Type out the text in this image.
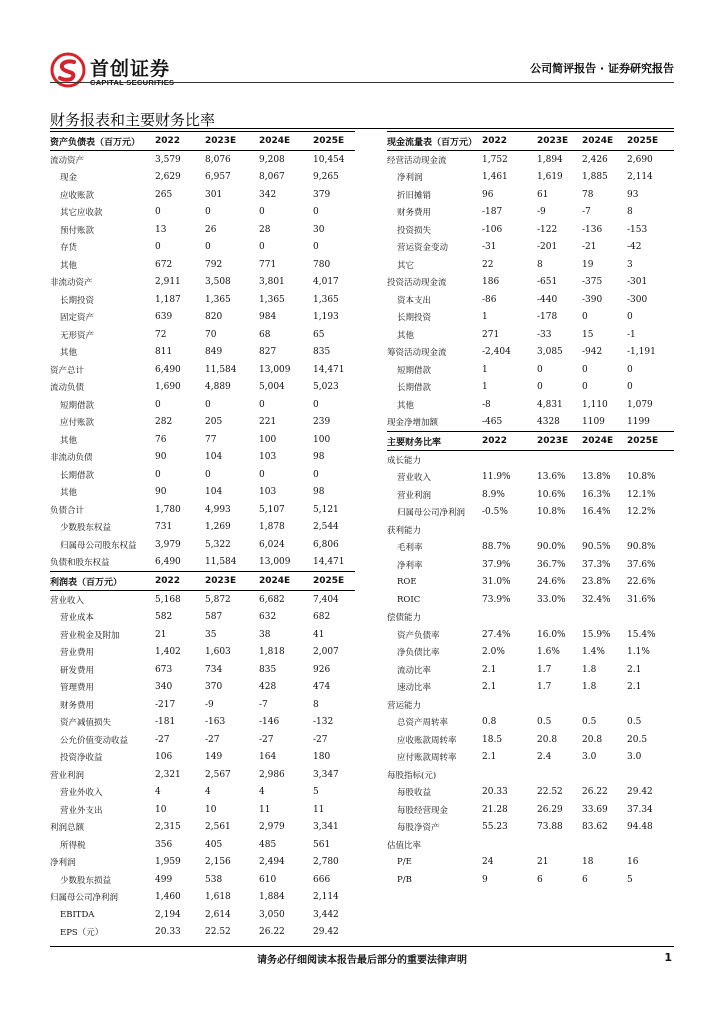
首创证券
CAPITAL SECURITIES
公司简评报告 · 证券研究报告
财务报表和主要财务比率
资产负债表（百万元）	2022	2023E	2024E	2025E
流动资产	3,579	8,076	9,208	10,454
现金	2,629	6,957	8,067	9,265
应收账款	265	301	342	379
其它应收款	0	0	0	0
预付账款	13	26	28	30
存货	0	0	0	0
其他	672	792	771	780
非流动资产	2,911	3,508	3,801	4,017
长期投资	1,187	1,365	1,365	1,365
固定资产	639	820	984	1,193
无形资产	72	70	68	65
其他	811	849	827	835
资产总计	6,490	11,584	13,009	14,471
流动负债	1,690	4,889	5,004	5,023
短期借款	0	0	0	0
应付账款	282	205	221	239
其他	76	77	100	100
非流动负债	90	104	103	98
长期借款	0	0	0	0
其他	90	104	103	98
负债合计	1,780	4,993	5,107	5,121
少数股东权益	731	1,269	1,878	2,544
归属母公司股东权益	3,979	5,322	6,024	6,806
负债和股东权益	6,490	11,584	13,009	14,471
利润表（百万元）	2022	2023E	2024E	2025E
营业收入	5,168	5,872	6,682	7,404
营业成本	582	587	632	682
营业税金及附加	21	35	38	41
营业费用	1,402	1,603	1,818	2,007
研发费用	673	734	835	926
管理费用	340	370	428	474
财务费用	-217	-9	-7	8
资产减值损失	-181	-163	-146	-132
公允价值变动收益	-27	-27	-27	-27
投资净收益	106	149	164	180
营业利润	2,321	2,567	2,986	3,347
营业外收入	4	4	4	5
营业外支出	10	10	11	11
利润总额	2,315	2,561	2,979	3,341
所得税	356	405	485	561
净利润	1,959	2,156	2,494	2,780
少数股东损益	499	538	610	666
归属母公司净利润	1,460	1,618	1,884	2,114
EBITDA	2,194	2,614	3,050	3,442
EPS（元）	20.33	22.52	26.22	29.42
现金流量表（百万元）	2022	2023E	2024E	2025E
经营活动现金流	1,752	1,894	2,426	2,690
净利润	1,461	1,619	1,885	2,114
折旧摊销	96	61	78	93
财务费用	-187	-9	-7	8
投资损失	-106	-122	-136	-153
营运资金变动	-31	-201	-21	-42
其它	22	8	19	3
投资活动现金流	186	-651	-375	-301
资本支出	-86	-440	-390	-300
长期投资	1	-178	0	0
其他	271	-33	15	-1
筹资活动现金流	-2,404	3,085	-942	-1,191
短期借款	1	0	0	0
长期借款	1	0	0	0
其他	-8	4,831	1,110	1,079
现金净增加额	-465	4328	1109	1199
主要财务比率	2022	2023E	2024E	2025E
成长能力				
营业收入	11.9%	13.6%	13.8%	10.8%
营业利润	8.9%	10.6%	16.3%	12.1%
归属母公司净利润	-0.5%	10.8%	16.4%	12.2%
获利能力				
毛利率	88.7%	90.0%	90.5%	90.8%
净利率	37.9%	36.7%	37.3%	37.6%
ROE	31.0%	24.6%	23.8%	22.6%
ROIC	73.9%	33.0%	32.4%	31.6%
偿债能力				
资产负债率	27.4%	16.0%	15.9%	15.4%
净负债比率	2.0%	1.6%	1.4%	1.1%
流动比率	2.1	1.7	1.8	2.1
速动比率	2.1	1.7	1.8	2.1
营运能力				
总资产周转率	0.8	0.5	0.5	0.5
应收账款周转率	18.5	20.8	20.8	20.5
应付账款周转率	2.1	2.4	3.0	3.0
每股指标(元)				
每股收益	20.33	22.52	26.22	29.42
每股经营现金	21.28	26.29	33.69	37.34
每股净资产	55.23	73.88	83.62	94.48
估值比率				
P/E	24	21	18	16
P/B	9	6	6	5
请务必仔细阅读本报告最后部分的重要法律声明	1
